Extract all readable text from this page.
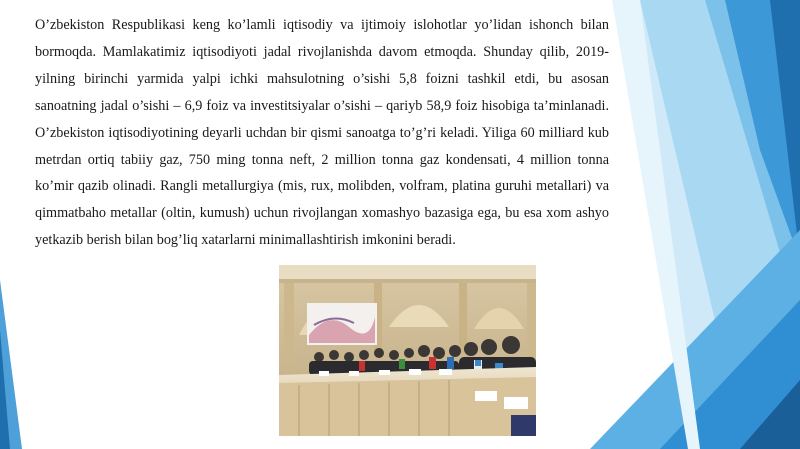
O’zbekiston Respublikasi keng ko’lamli iqtisodiy va ijtimoiy islohotlar yo’lidan ishonch bilan bormoqda. Mamlakatimiz iqtisodiyoti jadal rivojlanishda davom etmoqda. Shunday qilib, 2019-yilning birinchi yarmida yalpi ichki mahsulotning o’sishi 5,8 foizni tashkil etdi, bu asosan sanoatning jadal o’sishi – 6,9 foiz va investitsiyalar o’sishi – qariyb 58,9 foiz hisobiga ta’minlanadi. O’zbekiston iqtisodiyotining deyarli uchdan bir qismi sanoatga to’g’ri keladi. Yiliga 60 milliard kub metrdan ortiq tabiiy gaz, 750 ming tonna neft, 2 million tonna gaz kondensati, 4 million tonna ko’mir qazib olinadi. Rangli metallurgiya (mis, rux, molibden, volfram, platina guruhi metallari) va qimmatbaho metallar (oltin, kumush) uchun rivojlangan xomashyo bazasiga ega, bu esa xom ashyo yetkazib berish bilan bog’liq xatarlarni minimallashtirish imkonini beradi.
